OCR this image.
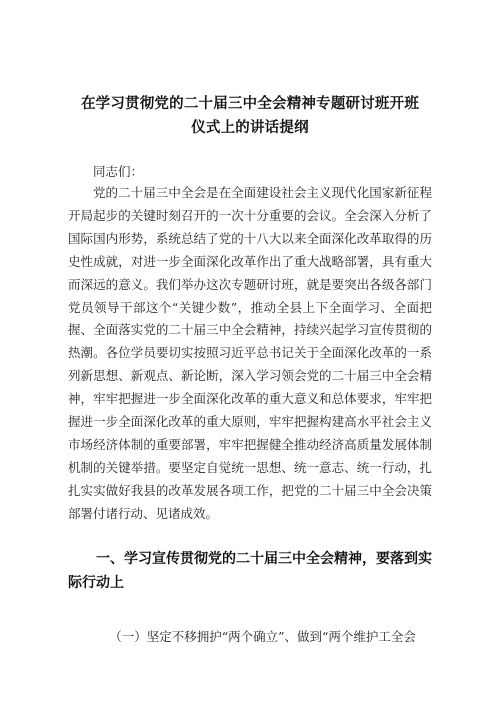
在学习贯彻党的二十届三中全会精神专题研讨班开班
仪式上的讲话提纲
同志们：

党的二十届三中全会是在全面建设社会主义现代化国家新征程开局起步的关键时刻召开的一次十分重要的会议。全会深入分析了国际国内形势，系统总结了党的十八大以来全面深化改革取得的历史性成就，对进一步全面深化改革作出了重大战略部署，具有重大而深远的意义。我们举办这次专题研讨班，就是要突出各级各部门党员领导干部这个“关键少数”，推动全县上下全面学习、全面把握、全面落实党的二十届三中全会精神，持续兴起学习宣传贯彻的热潮。各位学员要切实按照习近平总书记关于全面深化改革的一系列新思想、新观点、新论断，深入学习领会党的二十届三中全会精神，牢牢把握进一步全面深化改革的重大意义和总体要求，牢牢把握进一步全面深化改革的重大原则，牢牢把握构建高水平社会主义市场经济体制的重要部署，牢牢把握健全推动经济高质量发展体制机制的关键举措。要坚定自觉统一思想、统一意志、统一行动，扎扎实实做好我县的改革发展各项工作，把党的二十届三中全会决策部署付诸行动、见诸成效。

一、学习宣传贯彻党的二十届三中全会精神，要落到实际行动上

（一）坚定不移拥护“两个确立”、做到“两个维护工全会
